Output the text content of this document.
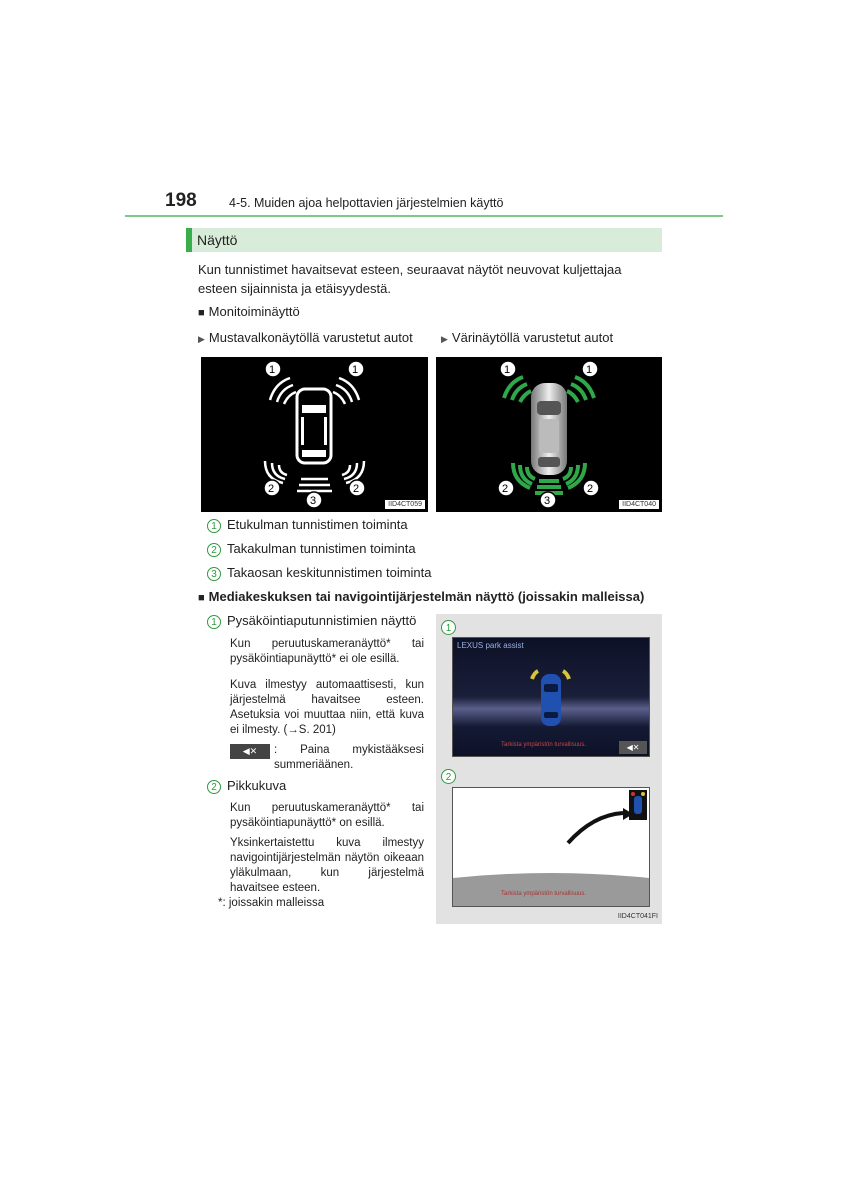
198	4-5. Muiden ajoa helpottavien järjestelmien käyttö
Näyttö
Kun tunnistimet havaitsevat esteen, seuraavat näytöt neuvovat kuljettajaa esteen sijainnista ja etäisyydestä.
■ Monitoiminäyttö
▶ Mustavalkonäytöllä varustetut autot	▶ Värinäytöllä varustetut autot
1	1
2	2
3	IID4CT059
1	1
2	2
3	IID4CT040
1 Etukulman tunnistimen toiminta
2 Takakulman tunnistimen toiminta
3 Takaosan keskitunnistimen toiminta
■ Mediakeskuksen tai navigointijärjestelmän näyttö (joissakin malleissa)
1 Pysäköintiaputunnistimien näyttö
Kun peruutuskameranäyttö* tai pysäköintiapunäyttö* ei ole esillä.
Kuva ilmestyy automaattisesti, kun järjestelmä havaitsee esteen. Asetuksia voi muuttaa niin, että kuva ei ilmesty. (→S. 201)
◀✕	: Paina mykistääksesi summeriäänen.
2 Pikkukuva
Kun peruutuskameranäyttö* tai pysäköintiapunäyttö* on esillä.
Yksinkertaistettu kuva ilmestyy navigointijärjestelmän näytön oikeaan yläkulmaan, kun järjestelmä havaitsee esteen.
*: joissakin malleissa
1
LEXUS park assist
Tarkista ympäristön turvallisuus.	◀✕
2
Tarkista ympäristön turvallisuus.
IID4CT041FI
